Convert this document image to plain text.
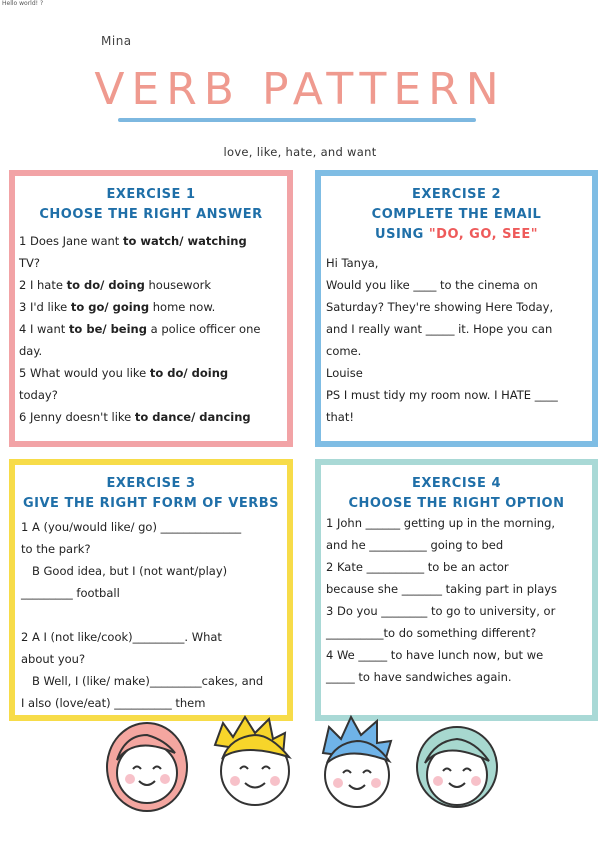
Hello world! ?
Mina
VERB PATTERN
love, like, hate, and want
EXERCISE 1
CHOOSE THE RIGHT ANSWER
1 Does Jane want to watch/ watching
TV?
2 I hate to do/ doing housework
3 I'd like to go/ going home now.
4 I want to be/ being a police officer one
day.
5 What would you like to do/ doing
today?
6 Jenny doesn't like to dance/ dancing
EXERCISE 2
COMPLETE THE EMAIL
USING "DO, GO, SEE"
Hi Tanya,
Would you like ____ to the cinema on
Saturday? They're showing Here Today,
and I really want _____ it. Hope you can
come.
Louise
PS I must tidy my room now. I HATE ____
that!
EXERCISE 3
GIVE THE RIGHT FORM OF VERBS
1 A (you/would like/ go) ______________
to the park?
B Good idea, but I (not want/play)
_________ football

2 A I (not like/cook)_________. What
about you?
B Well, I (like/ make)_________cakes, and
I also (love/eat) __________ them
EXERCISE 4
CHOOSE THE RIGHT OPTION
1 John ______ getting up in the morning,
and he __________ going to bed
2 Kate __________ to be an actor
because she _______ taking part in plays
3 Do you ________ to go to university, or
__________to do something different?
4 We _____ to have lunch now, but we
_____ to have sandwiches again.
